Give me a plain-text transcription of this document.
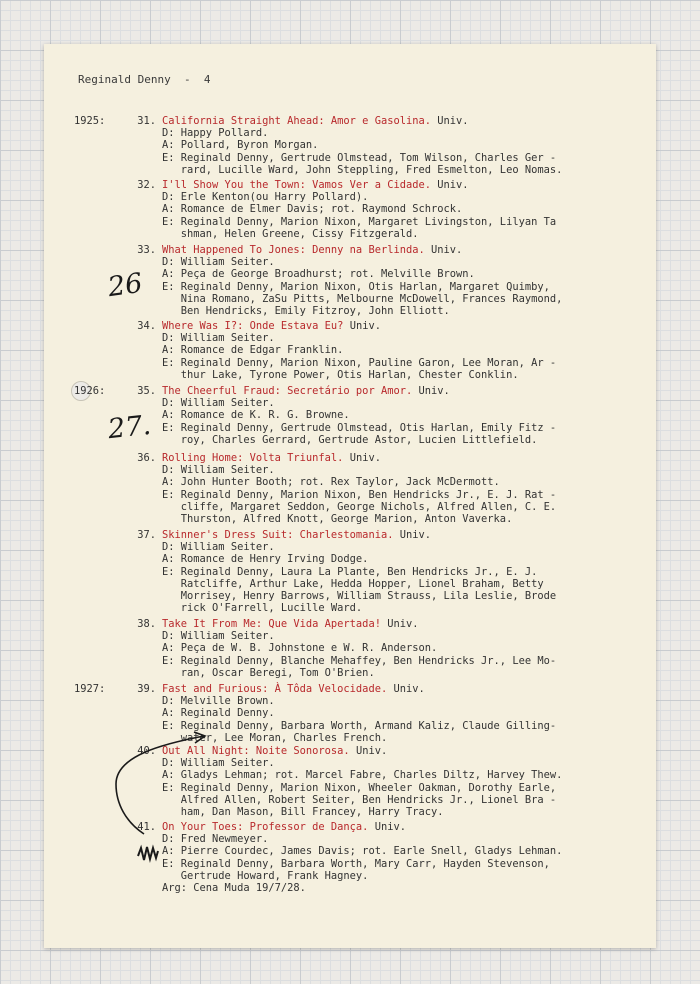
Reginald Denny  -  4
1925:	31. California Straight Ahead: Amor e Gasolina. Univ.
D: Happy Pollard.
A: Pollard, Byron Morgan.
E: Reginald Denny, Gertrude Olmstead, Tom Wilson, Charles Ger -
rard, Lucille Ward, John Steppling, Fred Esmelton, Leo Nomas.
32. I'll Show You the Town: Vamos Ver a Cidade. Univ.
D: Erle Kenton(ou Harry Pollard).
A: Romance de Elmer Davis; rot. Raymond Schrock.
E: Reginald Denny, Marion Nixon, Margaret Livingston, Lilyan Ta
shman, Helen Greene, Cissy Fitzgerald.
33. What Happened To Jones: Denny na Berlinda. Univ.
D: William Seiter.
A: Peça de George Broadhurst; rot. Melville Brown.
E: Reginald Denny, Marion Nixon, Otis Harlan, Margaret Quimby,
Nina Romano, ZaSu Pitts, Melbourne McDowell, Frances Raymond,
Ben Hendricks, Emily Fitzroy, John Elliott.
34. Where Was I?: Onde Estava Eu? Univ.
D: William Seiter.
A: Romance de Edgar Franklin.
E: Reginald Denny, Marion Nixon, Pauline Garon, Lee Moran, Ar -
thur Lake, Tyrone Power, Otis Harlan, Chester Conklin.
1926:	35. The Cheerful Fraud: Secretário por Amor. Univ.
D: William Seiter.
A: Romance de K. R. G. Browne.
E: Reginald Denny, Gertrude Olmstead, Otis Harlan, Emily Fitz -
roy, Charles Gerrard, Gertrude Astor, Lucien Littlefield.
36. Rolling Home: Volta Triunfal. Univ.
D: William Seiter.
A: John Hunter Booth; rot. Rex Taylor, Jack McDermott.
E: Reginald Denny, Marion Nixon, Ben Hendricks Jr., E. J. Rat -
cliffe, Margaret Seddon, George Nichols, Alfred Allen, C. E.
Thurston, Alfred Knott, George Marion, Anton Vaverka.
37. Skinner's Dress Suit: Charlestomania. Univ.
D: William Seiter.
A: Romance de Henry Irving Dodge.
E: Reginald Denny, Laura La Plante, Ben Hendricks Jr., E. J.
Ratcliffe, Arthur Lake, Hedda Hopper, Lionel Braham, Betty
Morrisey, Henry Barrows, William Strauss, Lila Leslie, Brode
rick O'Farrell, Lucille Ward.
38. Take It From Me: Que Vida Apertada! Univ.
D: William Seiter.
A: Peça de W. B. Johnstone e W. R. Anderson.
E: Reginald Denny, Blanche Mehaffey, Ben Hendricks Jr., Lee Mo-
ran, Oscar Beregi, Tom O'Brien.
1927:	39. Fast and Furious: À Tôda Velocidade. Univ.
D: Melville Brown.
A: Reginald Denny.
E: Reginald Denny, Barbara Worth, Armand Kaliz, Claude Gilling-
water, Lee Moran, Charles French.
40. Out All Night: Noite Sonorosa. Univ.
D: William Seiter.
A: Gladys Lehman; rot. Marcel Fabre, Charles Diltz, Harvey Thew.
E: Reginald Denny, Marion Nixon, Wheeler Oakman, Dorothy Earle,
Alfred Allen, Robert Seiter, Ben Hendricks Jr., Lionel Bra -
ham, Dan Mason, Bill Francey, Harry Tracy.
41. On Your Toes: Professor de Dança. Univ.
D: Fred Newmeyer.
A: Pierre Courdec, James Davis; rot. Earle Snell, Gladys Lehman.
E: Reginald Denny, Barbara Worth, Mary Carr, Hayden Stevenson,
Gertrude Howard, Frank Hagney.
Arg: Cena Muda 19/7/28.
26
27.
